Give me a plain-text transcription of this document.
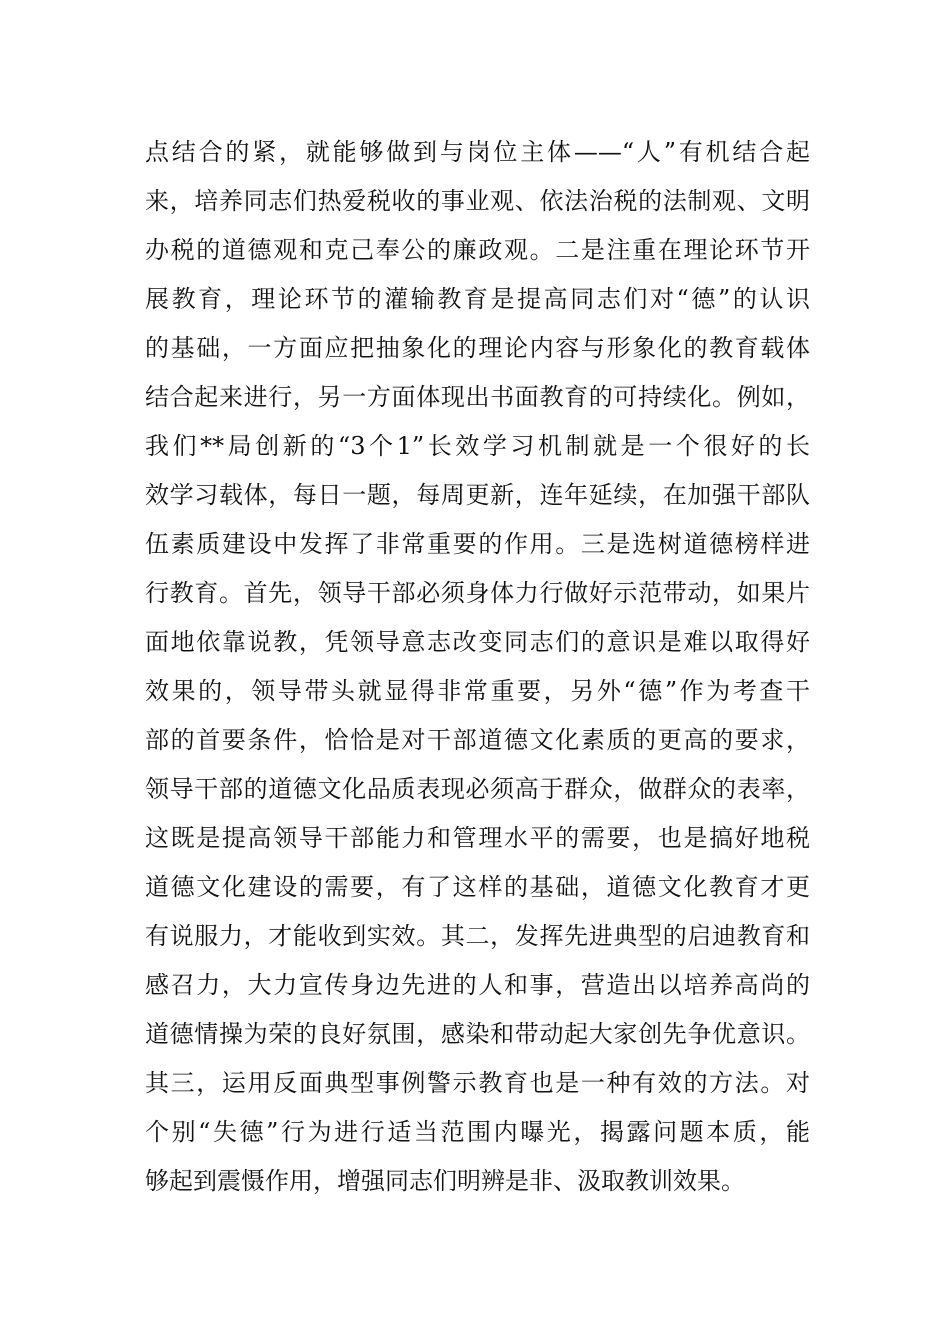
点结合的紧，就能够做到与岗位主体——“人”有机结合起
来，培养同志们热爱税收的事业观、依法治税的法制观、文明
办税的道德观和克己奉公的廉政观。二是注重在理论环节开
展教育，理论环节的灌输教育是提高同志们对“德”的认识
的基础，一方面应把抽象化的理论内容与形象化的教育载体
结合起来进行，另一方面体现出书面教育的可持续化。例如，
我们**局创新的“3个1”长效学习机制就是一个很好的长
效学习载体，每日一题，每周更新，连年延续，在加强干部队
伍素质建设中发挥了非常重要的作用。三是选树道德榜样进
行教育。首先，领导干部必须身体力行做好示范带动，如果片
面地依靠说教，凭领导意志改变同志们的意识是难以取得好
效果的，领导带头就显得非常重要，另外“德”作为考查干
部的首要条件，恰恰是对干部道德文化素质的更高的要求，
领导干部的道德文化品质表现必须高于群众，做群众的表率，
这既是提高领导干部能力和管理水平的需要，也是搞好地税
道德文化建设的需要，有了这样的基础，道德文化教育才更
有说服力，才能收到实效。其二，发挥先进典型的启迪教育和
感召力，大力宣传身边先进的人和事，营造出以培养高尚的
道德情操为荣的良好氛围，感染和带动起大家创先争优意识。
其三，运用反面典型事例警示教育也是一种有效的方法。对
个别“失德”行为进行适当范围内曝光，揭露问题本质，能
够起到震慑作用，增强同志们明辨是非、汲取教训效果。
